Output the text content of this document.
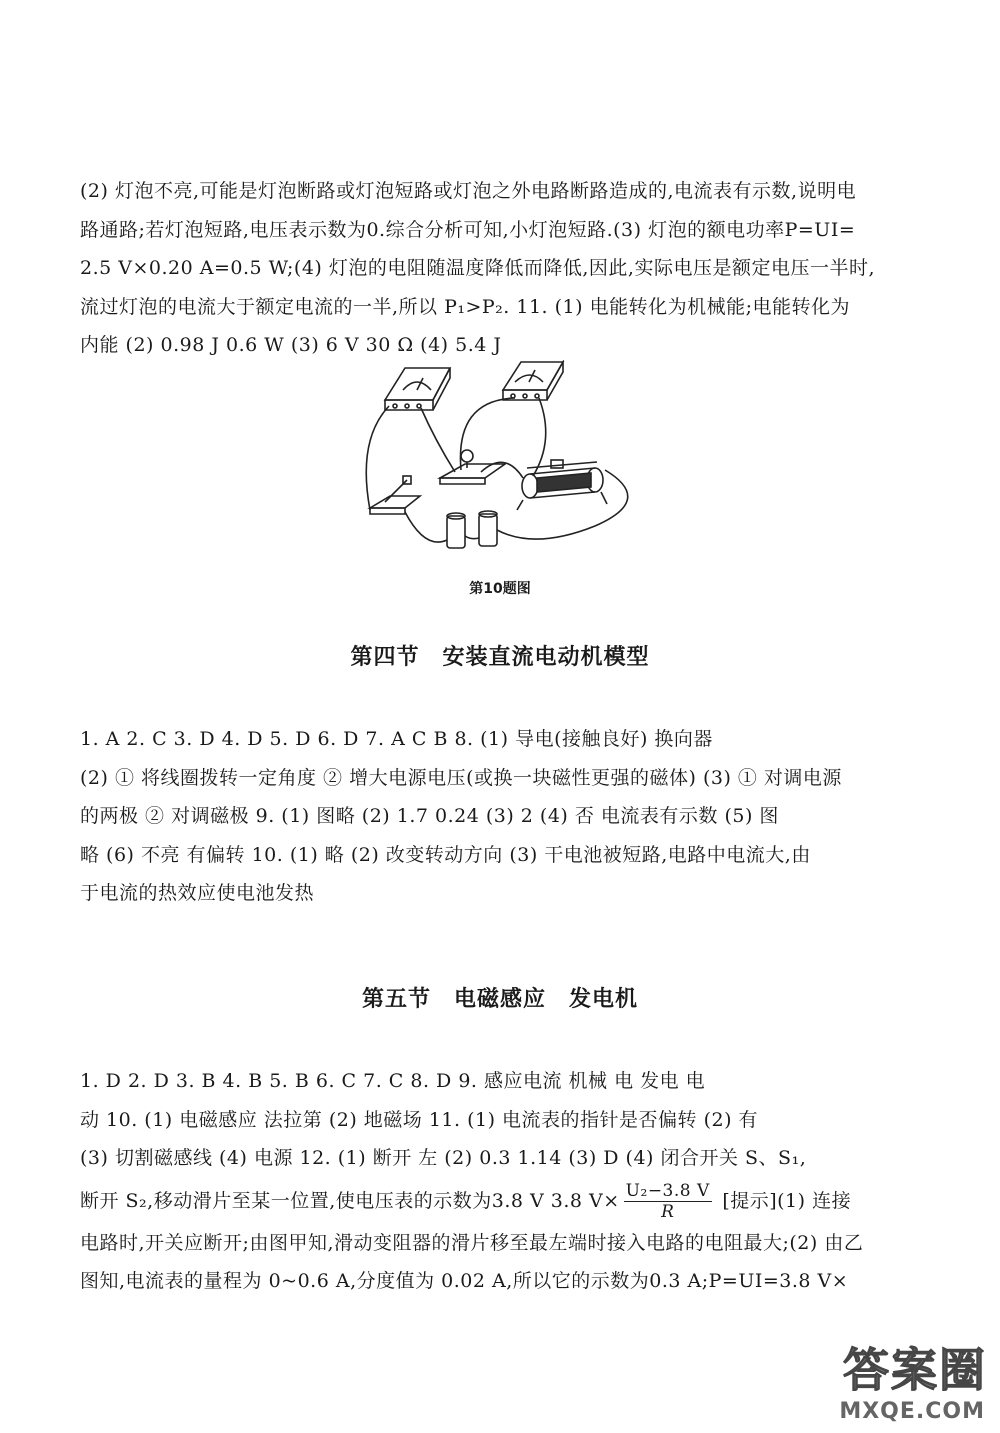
(2) 灯泡不亮,可能是灯泡断路或灯泡短路或灯泡之外电路断路造成的,电流表有示数,说明电
路通路;若灯泡短路,电压表示数为0.综合分析可知,小灯泡短路.(3) 灯泡的额电功率P=UI=
2.5 V×0.20 A=0.5 W;(4) 灯泡的电阻随温度降低而降低,因此,实际电压是额定电压一半时,
流过灯泡的电流大于额定电流的一半,所以 P₁>P₂. 11. (1) 电能转化为机械能;电能转化为
内能 (2) 0.98 J 0.6 W (3) 6 V 30 Ω (4) 5.4 J
第10题图
第四节　安装直流电动机模型
1. A 2. C 3. D 4. D 5. D 6. D 7. A C B 8. (1) 导电(接触良好) 换向器
(2) ① 将线圈拨转一定角度 ② 增大电源电压(或换一块磁性更强的磁体) (3) ① 对调电源
的两极 ② 对调磁极 9. (1) 图略 (2) 1.7 0.24 (3) 2 (4) 否 电流表有示数 (5) 图
略 (6) 不亮 有偏转 10. (1) 略 (2) 改变转动方向 (3) 干电池被短路,电路中电流大,由
于电流的热效应使电池发热
第五节　电磁感应　发电机
1. D 2. D 3. B 4. B 5. B 6. C 7. C 8. D 9. 感应电流 机械 电 发电 电
动 10. (1) 电磁感应 法拉第 (2) 地磁场 11. (1) 电流表的指针是否偏转 (2) 有
(3) 切割磁感线 (4) 电源 12. (1) 断开 左 (2) 0.3 1.14 (3) D (4) 闭合开关 S、S₁,
断开 S₂,移动滑片至某一位置,使电压表的示数为3.8 V 3.8 $V\times \frac{\text{U₂−3.8 V}}{R}$ [提示](1) 连接
电路时,开关应断开;由图甲知,滑动变阻器的滑片移至最左端时接入电路的电阻最大;(2) 由乙
图知,电流表的量程为 0~0.6 A,分度值为 0.02 A,所以它的示数为0.3 A;P=UI=3.8 V×
答案圈
MXQE.COM
